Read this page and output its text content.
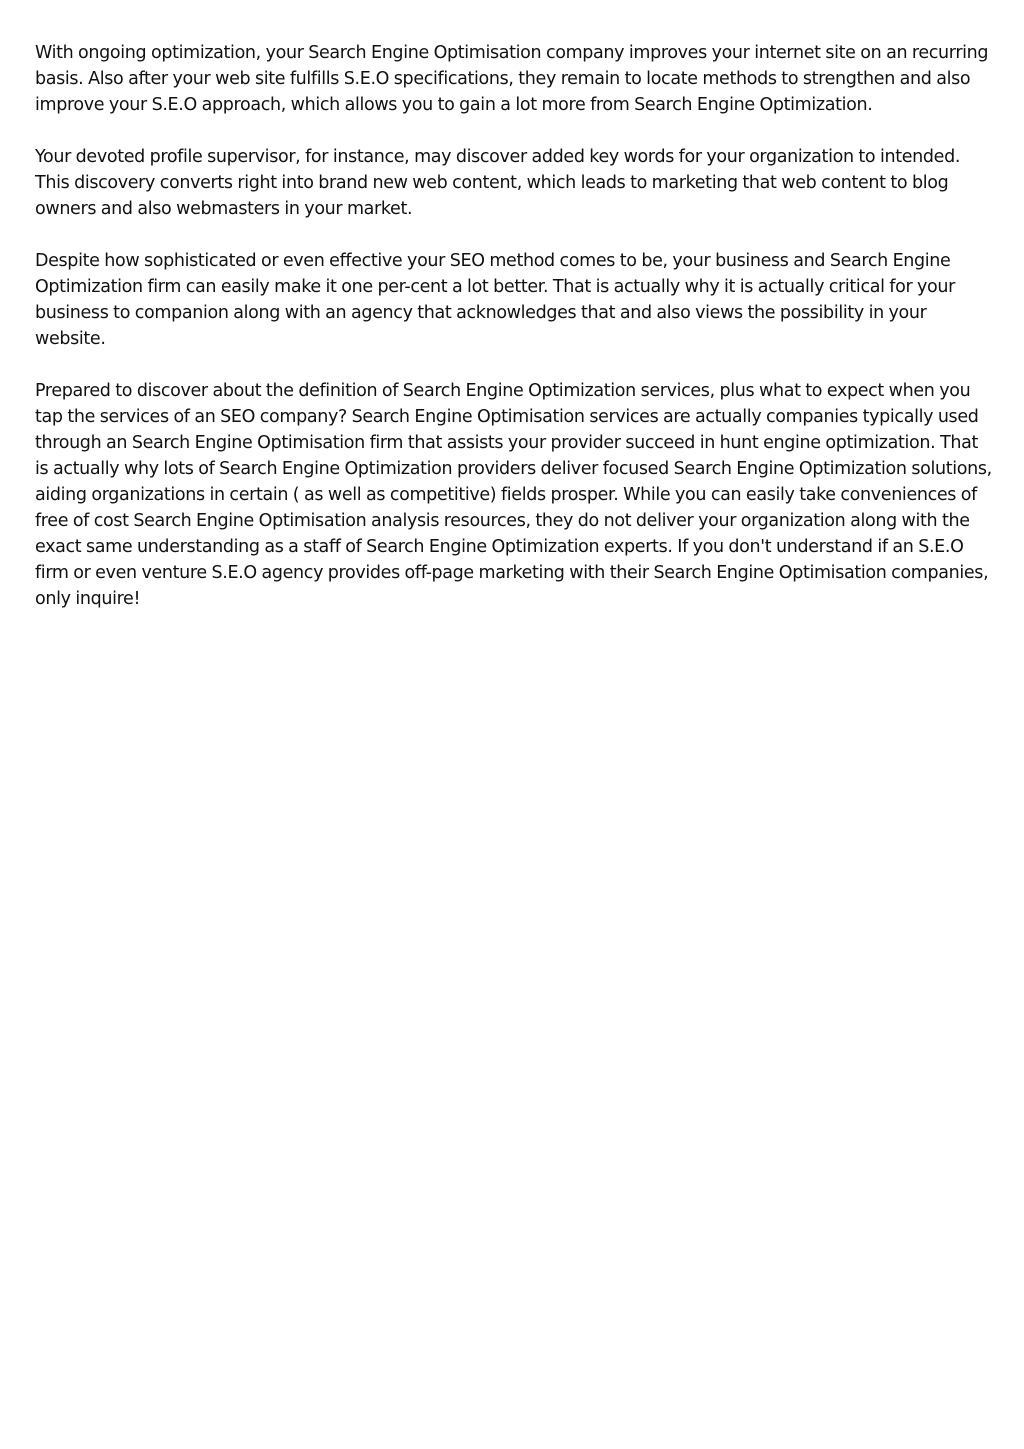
With ongoing optimization, your Search Engine Optimisation company improves your internet site on an recurring basis. Also after your web site fulfills S.E.O specifications, they remain to locate methods to strengthen and also improve your S.E.O approach, which allows you to gain a lot more from Search Engine Optimization.

Your devoted profile supervisor, for instance, may discover added key words for your organization to intended. This discovery converts right into brand new web content, which leads to marketing that web content to blog owners and also webmasters in your market.

Despite how sophisticated or even effective your SEO method comes to be, your business and Search Engine Optimization firm can easily make it one per-cent a lot better. That is actually why it is actually critical for your business to companion along with an agency that acknowledges that and also views the possibility in your website.

Prepared to discover about the definition of Search Engine Optimization services, plus what to expect when you tap the services of an SEO company? Search Engine Optimisation services are actually companies typically used through an Search Engine Optimisation firm that assists your provider succeed in hunt engine optimization. That is actually why lots of Search Engine Optimization providers deliver focused Search Engine Optimization solutions, aiding organizations in certain ( as well as competitive) fields prosper. While you can easily take conveniences of free of cost Search Engine Optimisation analysis resources, they do not deliver your organization along with the exact same understanding as a staff of Search Engine Optimization experts. If you don't understand if an S.E.O firm or even venture S.E.O agency provides off-page marketing with their Search Engine Optimisation companies, only inquire!
